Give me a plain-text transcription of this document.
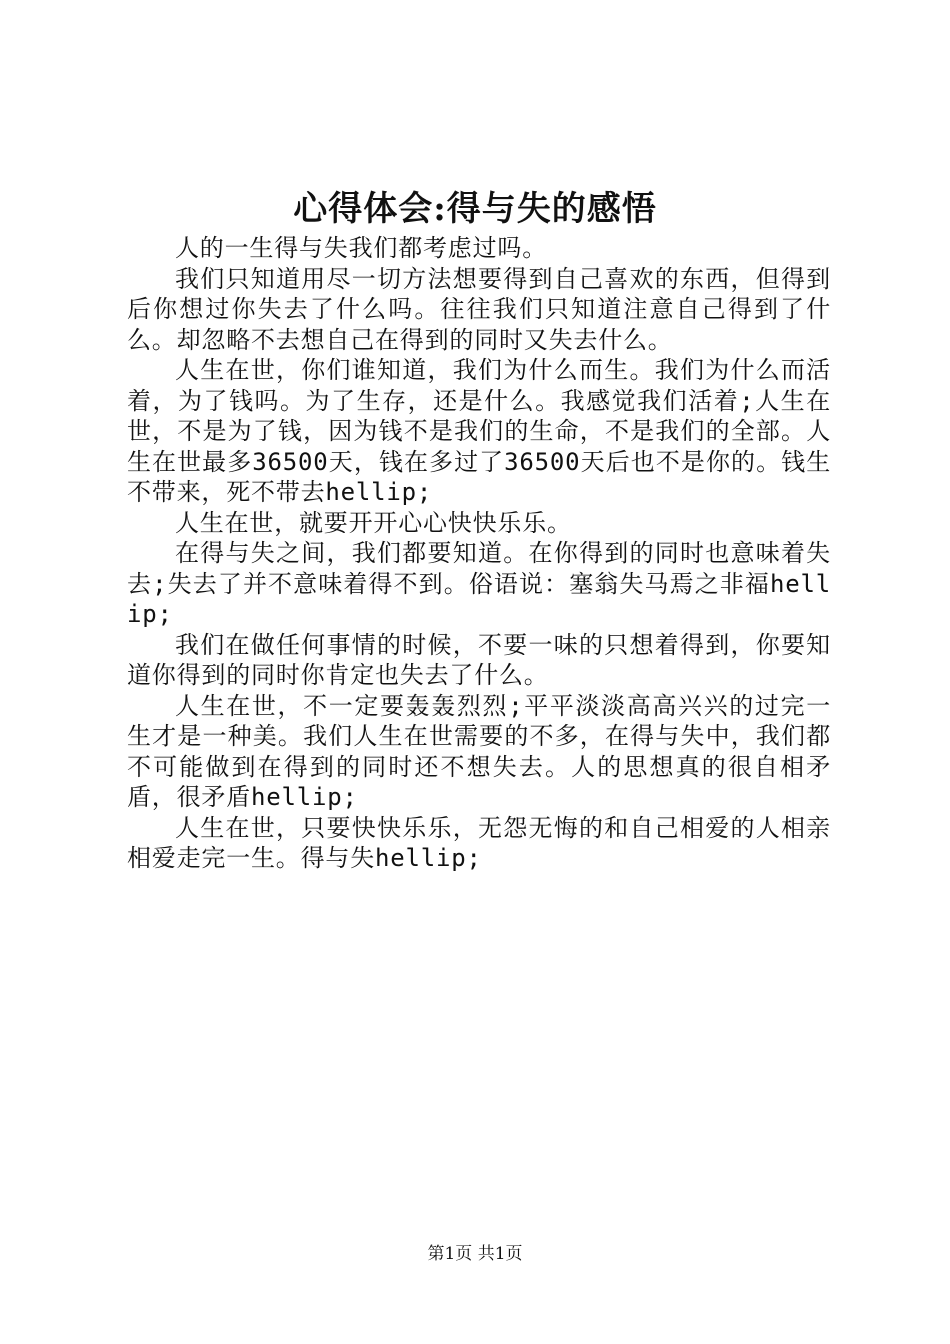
心得体会:得与失的感悟

人的一生得与失我们都考虑过吗。

我们只知道用尽一切方法想要得到自己喜欢的东西，但得到后你想过你失去了什么吗。往往我们只知道注意自己得到了什么。却忽略不去想自己在得到的同时又失去什么。

人生在世，你们谁知道，我们为什么而生。我们为什么而活着，为了钱吗。为了生存，还是什么。我感觉我们活着;人生在世，不是为了钱，因为钱不是我们的生命，不是我们的全部。人生在世最多36500天，钱在多过了36500天后也不是你的。钱生不带来，死不带去hellip;

人生在世，就要开开心心快快乐乐。

在得与失之间，我们都要知道。在你得到的同时也意味着失去;失去了并不意味着得不到。俗语说：塞翁失马焉之非福hellip;

我们在做任何事情的时候，不要一味的只想着得到，你要知道你得到的同时你肯定也失去了什么。

人生在世，不一定要轰轰烈烈;平平淡淡高高兴兴的过完一生才是一种美。我们人生在世需要的不多，在得与失中，我们都不可能做到在得到的同时还不想失去。人的思想真的很自相矛盾，很矛盾hellip;

人生在世，只要快快乐乐，无怨无悔的和自己相爱的人相亲相爱走完一生。得与失hellip;

第1页 共1页
